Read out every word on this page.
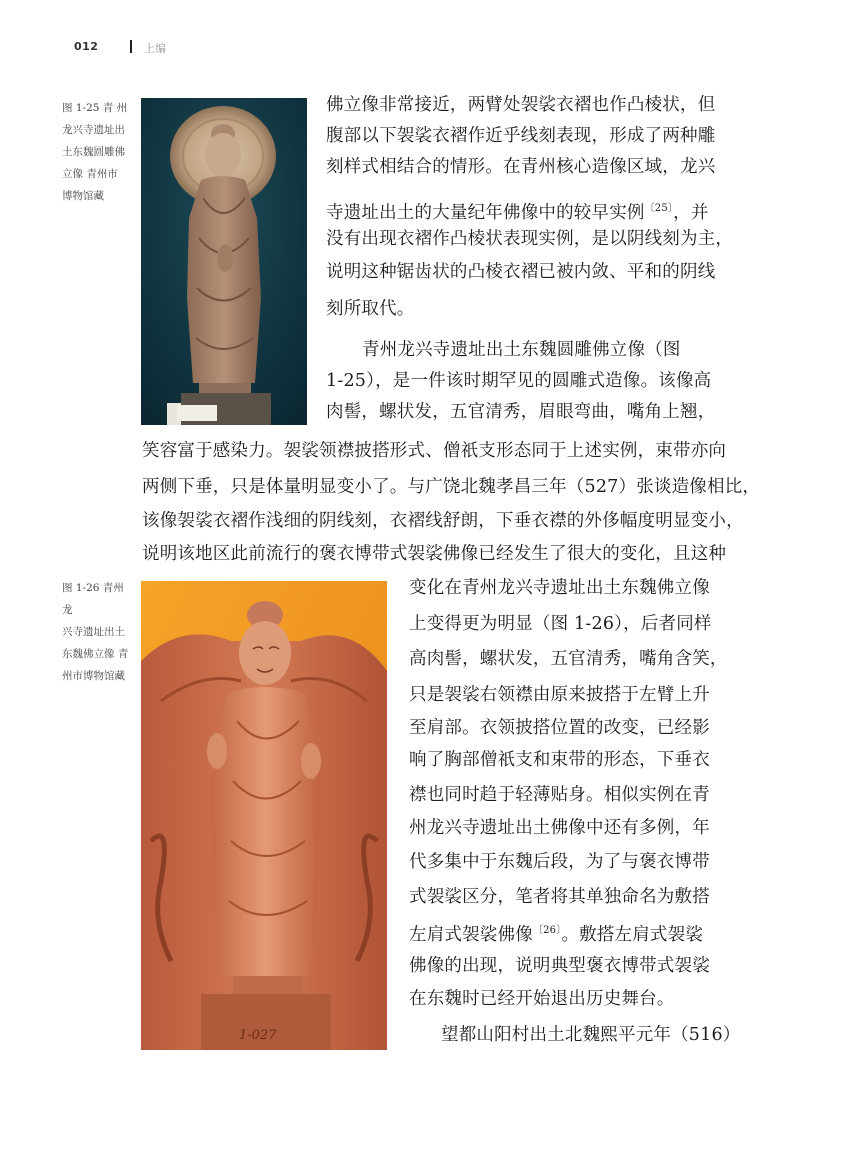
012	上编
图 1-25 青 州
龙兴寺遗址出
土东魏圆雕佛
立像 青州市
博物馆藏
图 1-26 青州龙
兴寺遗址出土
东魏佛立像 青
州市博物馆藏
1-027
佛立像非常接近，两臂处袈裟衣褶也作凸棱状，但
腹部以下袈裟衣褶作近乎线刻表现，形成了两种雕
刻样式相结合的情形。在青州核心造像区域，龙兴
寺遗址出土的大量纪年佛像中的较早实例$^{〔25〕}$，并
没有出现衣褶作凸棱状表现实例，是以阴线刻为主，
说明这种锯齿状的凸棱衣褶已被内敛、平和的阴线
刻所取代。
青州龙兴寺遗址出土东魏圆雕佛立像（图
1-25），是一件该时期罕见的圆雕式造像。该像高
肉髻，螺状发，五官清秀，眉眼弯曲，嘴角上翘，
笑容富于感染力。袈裟领襟披搭形式、僧祇支形态同于上述实例，束带亦向
两侧下垂，只是体量明显变小了。与广饶北魏孝昌三年（527）张谈造像相比，
该像袈裟衣褶作浅细的阴线刻，衣褶线舒朗，下垂衣襟的外侈幅度明显变小，
说明该地区此前流行的褒衣博带式袈裟佛像已经发生了很大的变化，且这种
变化在青州龙兴寺遗址出土东魏佛立像
上变得更为明显（图 1-26），后者同样
高肉髻，螺状发，五官清秀，嘴角含笑，
只是袈裟右领襟由原来披搭于左臂上升
至肩部。衣领披搭位置的改变，已经影
响了胸部僧祇支和束带的形态，下垂衣
襟也同时趋于轻薄贴身。相似实例在青
州龙兴寺遗址出土佛像中还有多例，年
代多集中于东魏后段，为了与褒衣博带
式袈裟区分，笔者将其单独命名为敷搭
左肩式袈裟佛像$^{〔26〕}$。敷搭左肩式袈裟
佛像的出现，说明典型褒衣博带式袈裟
在东魏时已经开始退出历史舞台。
望都山阳村出土北魏熙平元年（516）
